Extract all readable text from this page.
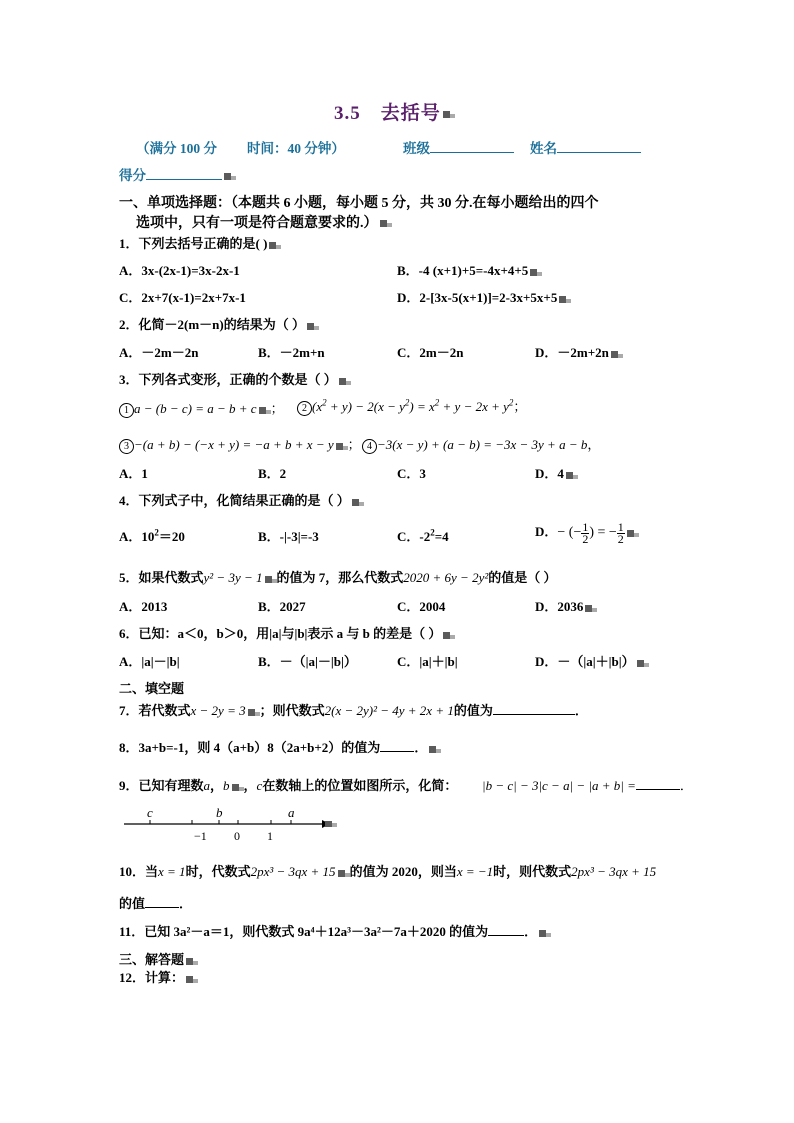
3.5　去括号
（满分 100 分 时间：40 分钟）	班级	姓名
得分
一、单项选择题：（本题共 6 小题，每小题 5 分，共 30 分.在每小题给出的四个
选项中，只有一项是符合题意要求的.）
1．下列去括号正确的是( )
A．3x-(2x-1)=3x-2x-1	B．-4 (x+1)+5=-4x+4+5
C．2x+7(x-1)=2x+7x-1	D．2-[3x-5(x+1)]=2-3x+5x+5
2．化简－2(m－n)的结果为（ ）
A．－2m－2n	B．－2m+n	C．2m－2n	D．－2m+2n
3．下列各式变形，正确的个数是（ ）
1 a − (b − c) = a − b + c ；	2 $(x^2 + y) - 2(x - y^2) = x^2 + y - 2x + y^2$；
3 −(a + b) − (−x + y) = −a + b + x − y ； 4 −3(x − y) + (a − b) = −3x − 3y + a − b，
A．1	B．2	C．3	D．4
4．下列式子中，化简结果正确的是（ ）
A．$10^2=20$	B．-|-3|=-3	C．$-2^2=4$	D．− (− $\frac{1}{2}$ ) = − $\frac{1}{2}$
5．如果代数式y² − 3y − 1 的值为 7，那么代数式2020 + 6y − 2y²的值是（ ）
A．2013	B．2027	C．2004	D．2036
6．已知：a＜0，b＞0，用|a|与|b|表示 a 与 b 的差是（ ）
A．|a|－|b|	B．－（|a|－|b|）	C．|a|＋|b|	D．－（|a|＋|b|）
二、填空题
7．若代数式x − 2y = 3 ；则代数式2(x − 2y)² − 4y + 2x + 1的值为	．
8．3a+b=-1，则 4（a+b）8（2a+b+2）的值为	．
9．已知有理数a，b ，c在数轴上的位置如图所示，化简： |b − c| − 3|c − a| − |a + b| =	．
c	b	a
−1 0 1
10．当x = 1时，代数式2px³ − 3qx + 15 的值为 2020，则当x = −1时，则代数式2px³ − 3qx + 15
的值	．
11．已知 3a²－a＝1，则代数式 9a⁴＋12a³－3a²－7a＋2020 的值为	．
三、解答题
12．计算：
